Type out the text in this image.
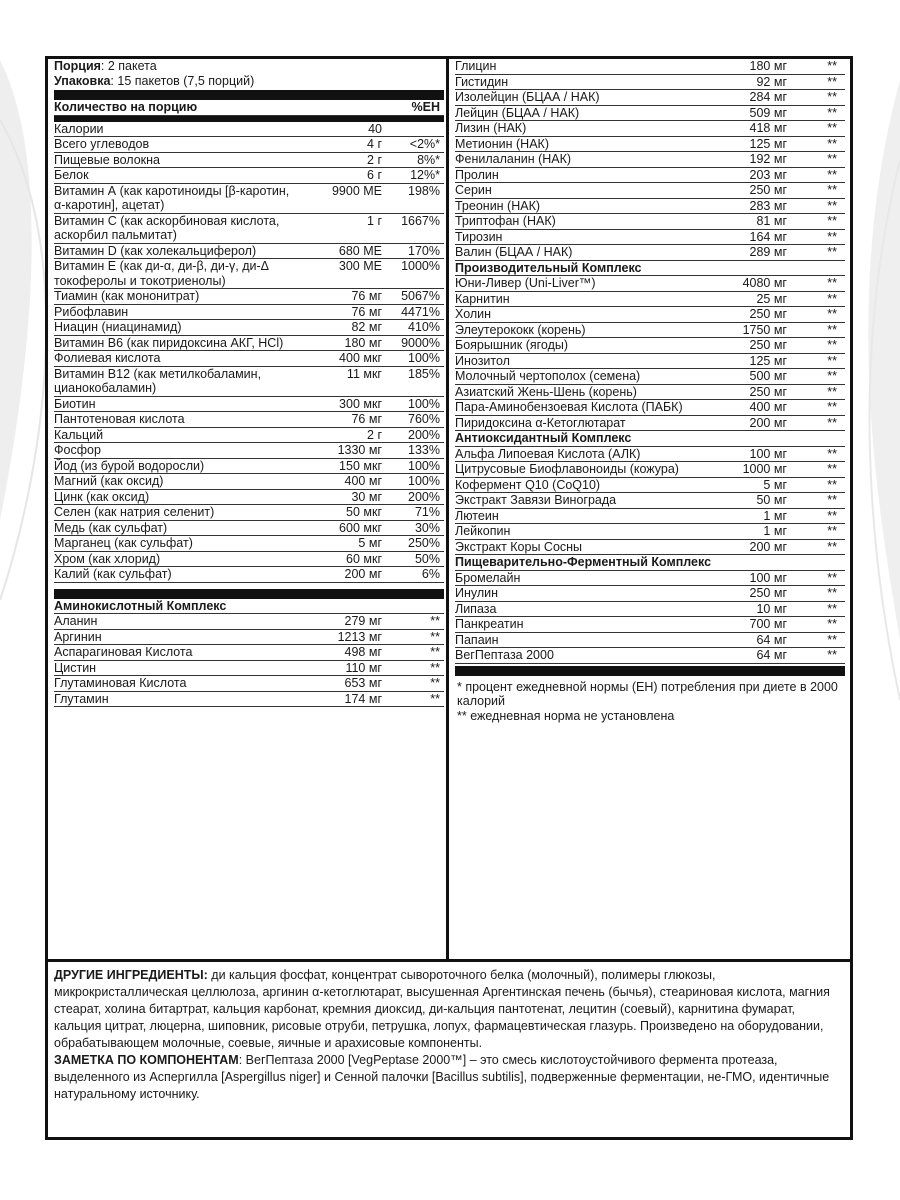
Порция: 2 пакета
Упаковка: 15 пакетов (7,5 порций)
Количество на порцию	%ЕН
Калории	40
Всего углеводов	4 г <2%*
Пищевые волокна	2 г	8%*
Белок	6 г 12%*
Витамин А (как каротиноиды [β-каротин, α-каротин], ацетат)
9900 МЕ 198%
Витамин С (как аскорбиновая кислота, аскорбил пальмитат)
1 г 1667%
Витамин D (как холекальциферол)	680 МЕ 170%
Витамин Е (как ди-α, ди-β, ди-γ, ди-Δ токоферолы и токотриенолы)
300 МЕ 1000%
Тиамин (как мононитрат)	76 мг 5067%
Рибофлавин	76 мг 4471%
Ниацин (ниацинамид)	82 мг 410%
Витамин В6 (как пиридоксина АКГ, HCl)	180 мг 9000%
Фолиевая кислота	400 мкг 100%
Витамин В12 (как метилкобаламин, цианокобаламин)
11 мкг 185%
Биотин	300 мкг 100%
Пантотеновая кислота	76 мг 760%
Кальций	2 г 200%
Фосфор	1330 мг 133%
Йод (из бурой водоросли)	150 мкг 100%
Магний (как оксид)	400 мг 100%
Цинк (как оксид)	30 мг 200%
Селен (как натрия селенит)	50 мкг	71%
Медь (как сульфат)	600 мкг	30%
Марганец (как сульфат)	5 мг 250%
Хром (как хлорид)	60 мкг	50%
Калий (как сульфат)	200 мг	6%
Аминокислотный Комплекс
Аланин	279 мг	**
Аргинин	1213 мг	**
Аспарагиновая Кислота	498 мг	**
Цистин	110 мг	**
Глутаминовая Кислота	653 мг	**
Глутамин	174 мг	**
Глицин	180 мг	**
Гистидин	92 мг	**
Изолейцин (БЦАА / НАК)	284 мг	**
Лейцин (БЦАА / НАК)	509 мг	**
Лизин (НАК)	418 мг	**
Метионин (НАК)	125 мг	**
Фенилаланин (НАК)	192 мг	**
Пролин	203 мг	**
Серин	250 мг	**
Треонин (НАК)	283 мг	**
Триптофан (НАК)	81 мг	**
Тирозин	164 мг	**
Валин (БЦАА / НАК)	289 мг	**
Производительный Комплекс
Юни-Ливер (Uni-Liver™)	4080 мг	**
Карнитин	25 мг	**
Холин	250 мг	**
Элеутерококк (корень)	1750 мг	**
Боярышник (ягоды)	250 мг	**
Инозитол	125 мг	**
Молочный чертополох (семена)	500 мг	**
Азиатский Жень-Шень (корень)	250 мг	**
Пара-Аминобензоевая Кислота (ПАБК)	400 мг	**
Пиридоксина α-Кетоглютарат	200 мг	**
Антиоксидантный Комплекс
Альфа Липоевая Кислота (АЛК)	100 мг	**
Цитрусовые Биофлавоноиды (кожура)	1000 мг	**
Кофермент Q10 (CoQ10)	5 мг	**
Экстракт Завязи Винограда	50 мг	**
Лютеин	1 мг	**
Лейкопин	1 мг	**
Экстракт Коры Сосны	200 мг	**
Пищеварительно-Ферментный Комплекс
Бромелайн	100 мг	**
Инулин	250 мг	**
Липаза	10 мг	**
Панкреатин	700 мг	**
Папаин	64 мг	**
ВегПептаза 2000	64 мг	**
* процент ежедневной нормы (ЕН) потребления при диете в 2000 калорий
** ежедневная норма не установлена

ДРУГИЕ ИНГРЕДИЕНТЫ: ди кальция фосфат, концентрат сывороточного белка (молочный), полимеры глюкозы, микрокристаллическая целлюлоза, аргинин α-кетоглютарат, высушенная Аргентинская печень (бычья), стеариновая кислота, магния стеарат, холина битартрат, кальция карбонат, кремния диоксид, ди-кальция пантотенат, лецитин (соевый), карнитина фумарат, кальция цитрат, люцерна, шиповник, рисовые отруби, петрушка, лопух, фармацевтическая глазурь. Произведено на оборудовании, обрабатывающем молочные, соевые, яичные и арахисовые компоненты.

ЗАМЕТКА ПО КОМПОНЕНТАМ: ВегПептаза 2000 [VegPeptase 2000™] – это смесь кислотоустойчивого фермента протеаза, выделенного из Аспергилла [Aspergillus niger] и Сенной палочки [Bacillus subtilis], подверженные ферментации, не-ГМО, идентичные натуральному источнику.
